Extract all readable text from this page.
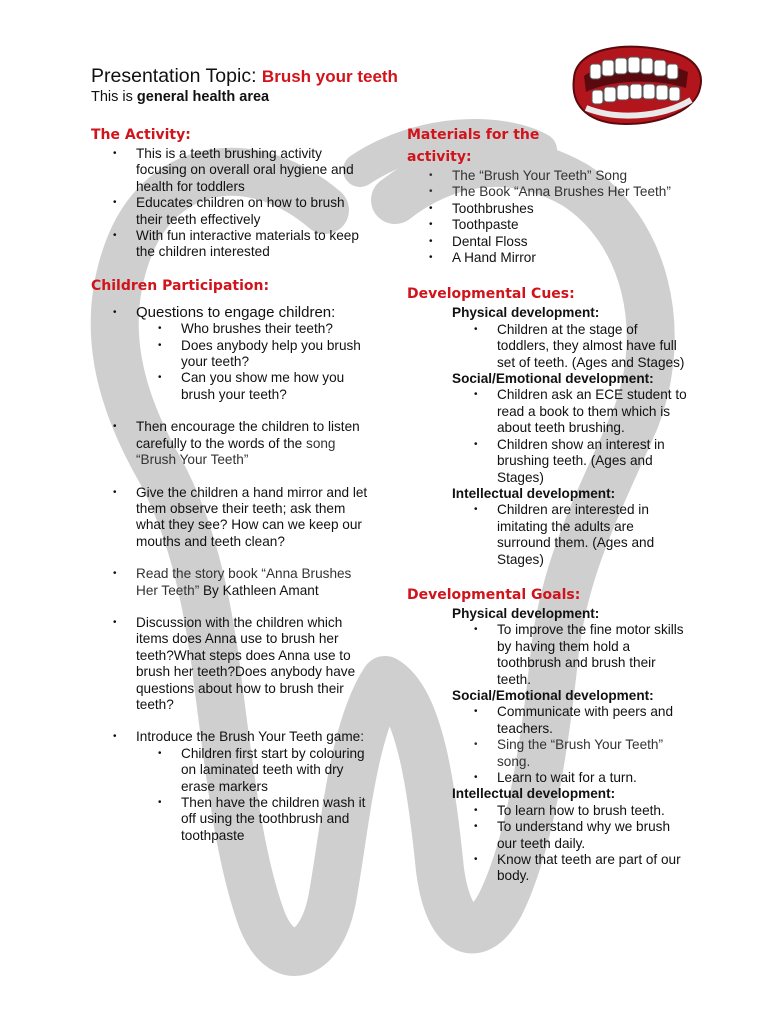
Presentation Topic: Brush your teeth
This is general health area
The Activity:
• This is a teeth brushing activity focusing on overall oral hygiene and health for toddlers
• Educates children on how to brush their teeth effectively
• With fun interactive materials to keep the children interested
Children Participation:
• Questions to engage children:
• Who brushes their teeth?
• Does anybody help you brush your teeth?
• Can you show me how you brush your teeth?
• Then encourage the children to listen carefully to the words of the song “Brush Your Teeth”
• Give the children a hand mirror and let them observe their teeth; ask them what they see? How can we keep our mouths and teeth clean?
• Read the story book “Anna Brushes Her Teeth” By Kathleen Amant
• Discussion with the children which items does Anna use to brush her teeth?What steps does Anna use to brush her teeth?Does anybody have questions about how to brush their teeth?
• Introduce the Brush Your Teeth game:
• Children first start by colouring on laminated teeth with dry erase markers
• Then have the children wash it off using the toothbrush and toothpaste
Materials for the activity:
• The “Brush Your Teeth” Song
• The Book “Anna Brushes Her Teeth”
• Toothbrushes
• Toothpaste
• Dental Floss
• A Hand Mirror
Developmental Cues:
Physical development:
• Children at the stage of toddlers, they almost have full set of teeth. (Ages and Stages)
Social/Emotional development:
• Children ask an ECE student to read a book to them which is about teeth brushing.
• Children show an interest in brushing teeth. (Ages and Stages)
Intellectual development:
• Children are interested in imitating the adults are surround them. (Ages and Stages)
Developmental Goals:
Physical development:
• To improve the fine motor skills by having them hold a toothbrush and brush their teeth.
Social/Emotional development:
• Communicate with peers and teachers.
• Sing the “Brush Your Teeth” song.
• Learn to wait for a turn.
Intellectual development:
• To learn how to brush teeth.
• To understand why we brush our teeth daily.
• Know that teeth are part of our body.
